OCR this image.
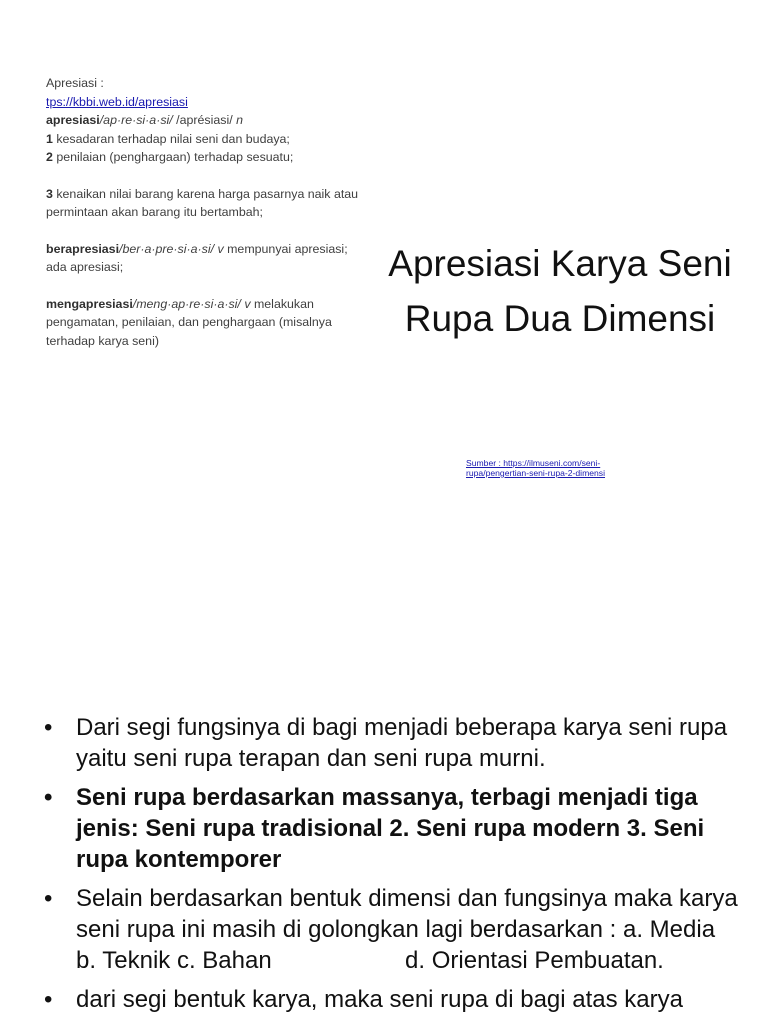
Apresiasi :

tps://kbbi.web.id/apresiasi

apresiasi/ap·re·si·a·si/ /aprésiasi/ n

1 kesadaran terhadap nilai seni dan budaya;

2 penilaian (penghargaan) terhadap sesuatu;

3 kenaikan nilai barang karena harga pasarnya naik atau permintaan akan barang itu bertambah;

berapresiasi/ber·a·pre·si·a·si/ v mempunyai apresiasi; ada apresiasi;

mengapresiasi/meng·ap·re·si·a·si/ v melakukan pengamatan, penilaian, dan penghargaan (misalnya terhadap karya seni)

Apresiasi Karya Seni
Rupa Dua Dimensi
Sumber : https://ilmuseni.com/seni-rupa/pengertian-seni-rupa-2-dimensi
• Dari segi fungsinya di bagi menjadi beberapa karya seni rupa yaitu seni rupa terapan dan seni rupa murni.
• Seni rupa berdasarkan massanya, terbagi menjadi tiga jenis: Seni rupa tradisional 2. Seni rupa modern 3. Seni rupa kontemporer
• Selain berdasarkan bentuk dimensi dan fungsinya maka karya seni rupa ini masih di golongkan lagi berdasarkan : a. Media b. Teknik c. Bahan                    d. Orientasi Pembuatan.
• dari segi bentuk karya, maka seni rupa di bagi atas karya
